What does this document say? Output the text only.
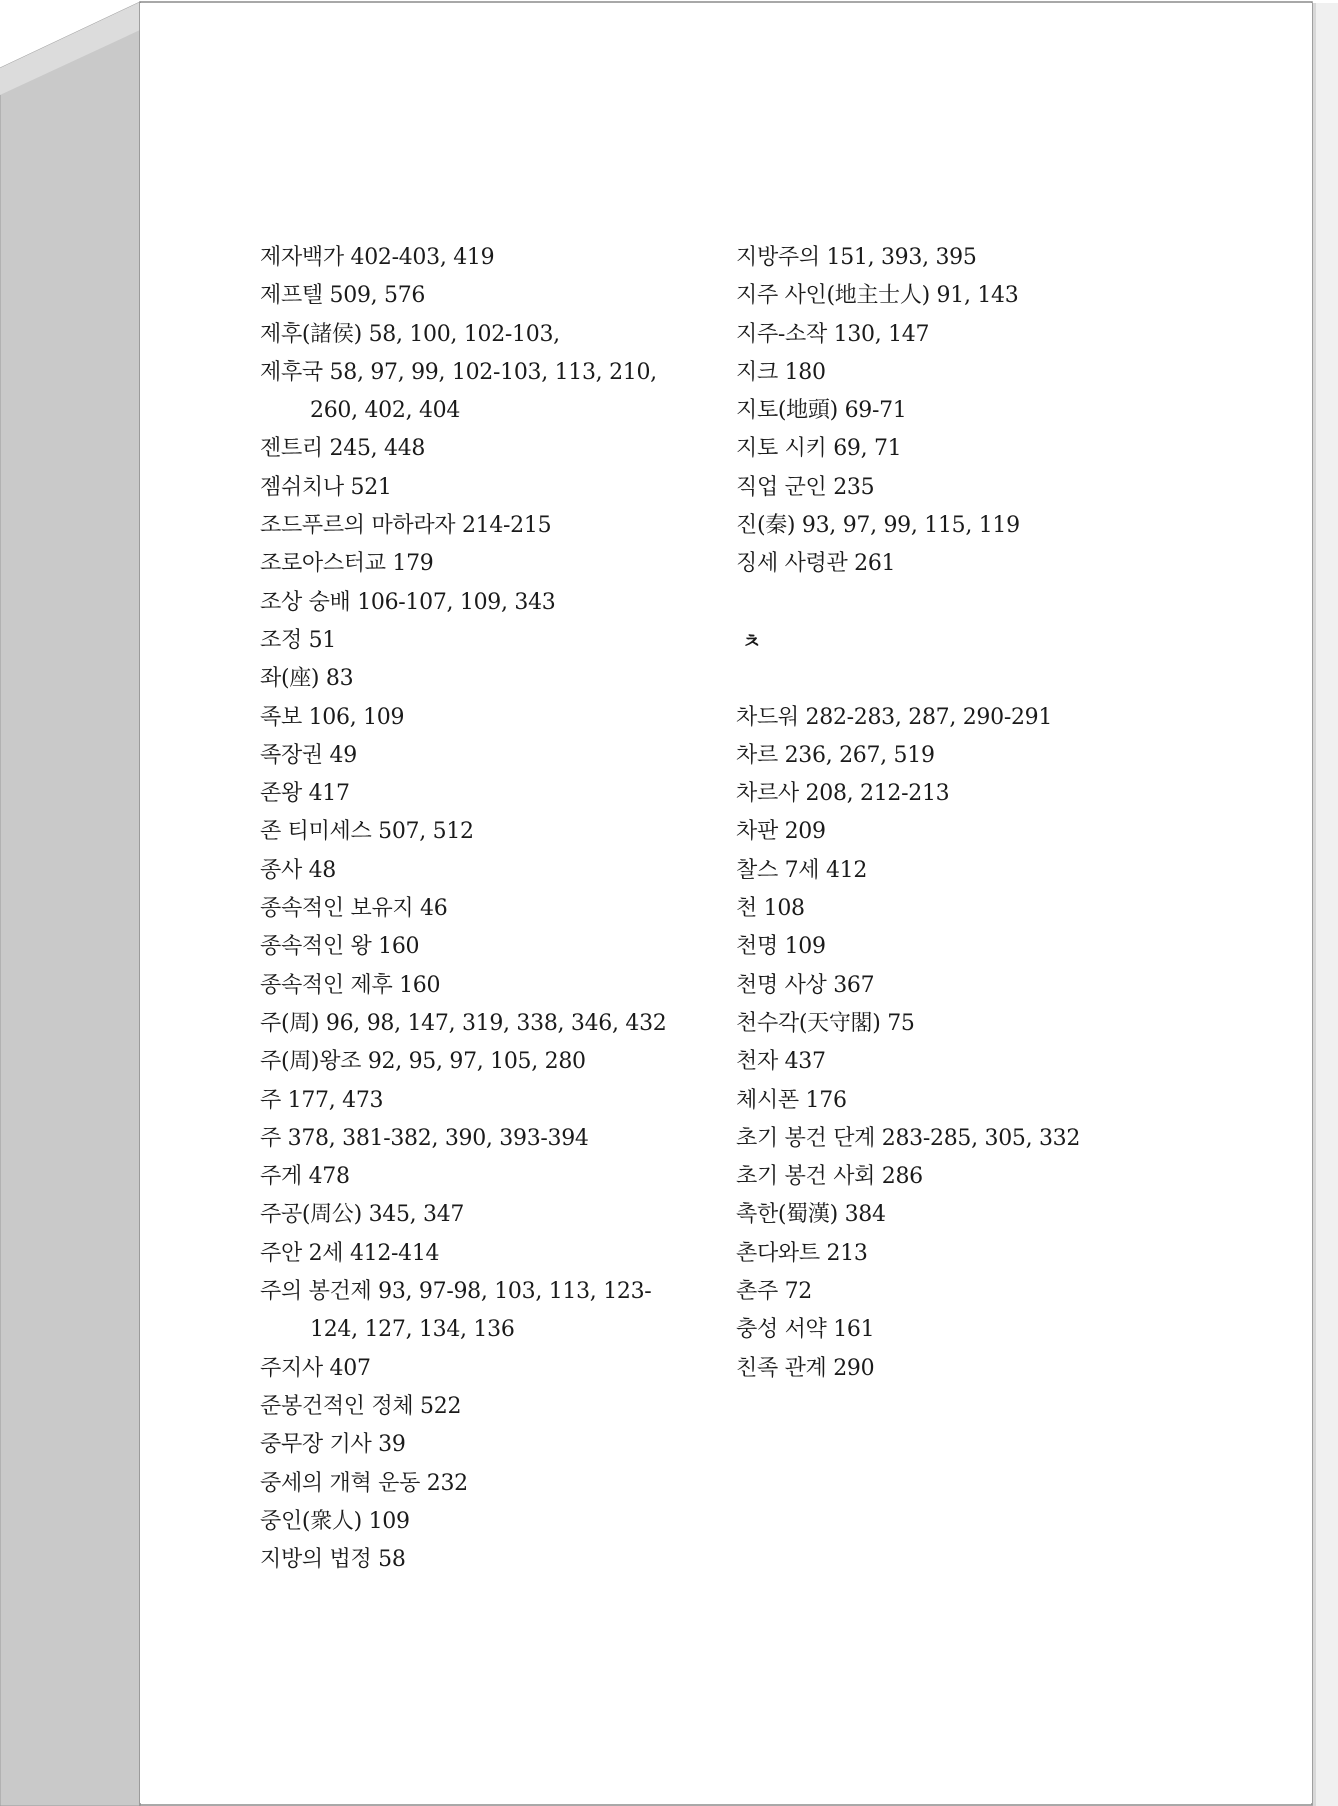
제자백가 402-403, 419
제프텔 509, 576
제후(諸侯) 58, 100, 102-103,
제후국 58, 97, 99, 102-103, 113, 210,
260, 402, 404
젠트리 245, 448
젬쉬치나 521
조드푸르의 마하라자 214-215
조로아스터교 179
조상 숭배 106-107, 109, 343
조정 51
좌(座) 83
족보 106, 109
족장권 49
존왕 417
존 티미세스 507, 512
종사 48
종속적인 보유지 46
종속적인 왕 160
종속적인 제후 160
주(周) 96, 98, 147, 319, 338, 346, 432
주(周)왕조 92, 95, 97, 105, 280
주 177, 473
주 378, 381-382, 390, 393-394
주게 478
주공(周公) 345, 347
주안 2세 412-414
주의 봉건제 93, 97-98, 103, 113, 123-
124, 127, 134, 136
주지사 407
준봉건적인 정체 522
중무장 기사 39
중세의 개혁 운동 232
중인(衆人) 109
지방의 법정 58
지방주의 151, 393, 395
지주 사인(地主士人) 91, 143
지주-소작 130, 147
지크 180
지토(地頭) 69-71
지토 시키 69, 71
직업 군인 235
진(秦) 93, 97, 99, 115, 119
징세 사령관 261
ㅊ
차드워 282-283, 287, 290-291
차르 236, 267, 519
차르사 208, 212-213
차판 209
찰스 7세 412
천 108
천명 109
천명 사상 367
천수각(天守閣) 75
천자 437
체시폰 176
초기 봉건 단계 283-285, 305, 332
초기 봉건 사회 286
촉한(蜀漢) 384
촌다와트 213
촌주 72
충성 서약 161
친족 관계 290
